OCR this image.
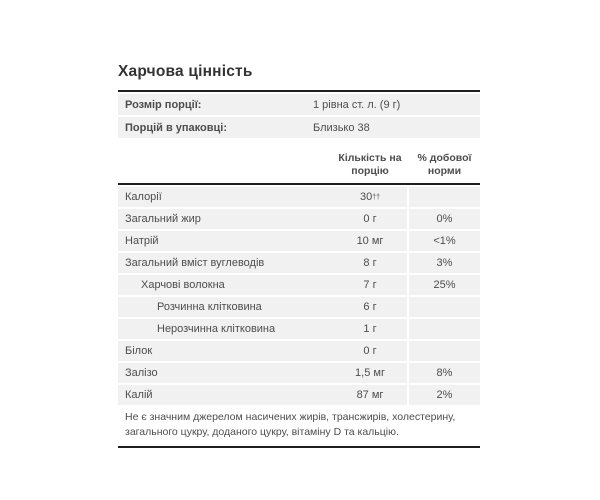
Харчова цінність
Розмір порції:	1 рівна ст. л. (9 г)
Порцій в упаковці:	Близько 38
Кількість на
порцію
% добової
норми
Калорії	30††
Загальний жир	0 г	0%
Натрій	10 мг	<1%
Загальний вміст вуглеводів	8 г	3%
Харчові волокна	7 г	25%
Розчинна клітковина	6 г
Нерозчинна клітковина	1 г
Білок	0 г
Залізо	1,5 мг	8%
Калій	87 мг	2%
Не є значним джерелом насичених жирів, трансжирів, холестерину, загального цукру, доданого цукру, вітаміну D та кальцію.
